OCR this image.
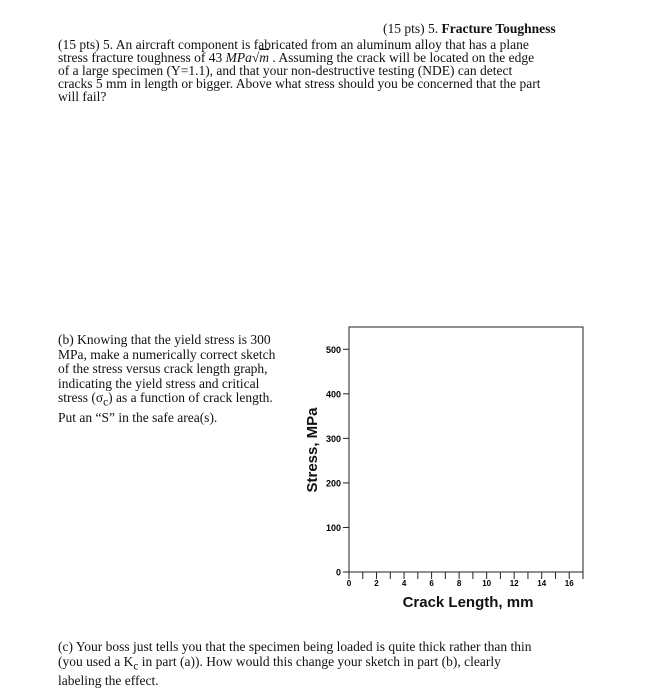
(15 pts) 5. Fracture Toughness
(15 pts) 5. An aircraft component is fabricated from an aluminum alloy that has a plane
stress fracture toughness of 43 MPa√m . Assuming the crack will be located on the edge
of a large specimen (Y=1.1), and that your non-destructive testing (NDE) can detect
cracks 5 mm in length or bigger. Above what stress should you be concerned that the part
will fail?
(b) Knowing that the yield stress is 300
MPa, make a numerically correct sketch
of the stress versus crack length graph,
indicating the yield stress and critical
stress $(\sigma_c)$ as a function of crack length.
Put an “S” in the safe area(s).
0
100
200
300
400
500
0	2	4	6	8	10 12 14 16
Stress, MPa
Crack Length, mm
(c) Your boss just tells you that the specimen being loaded is quite thick rather than thin
(you used a $K_c$ in part (a)). How would this change your sketch in part (b), clearly
labeling the effect.
